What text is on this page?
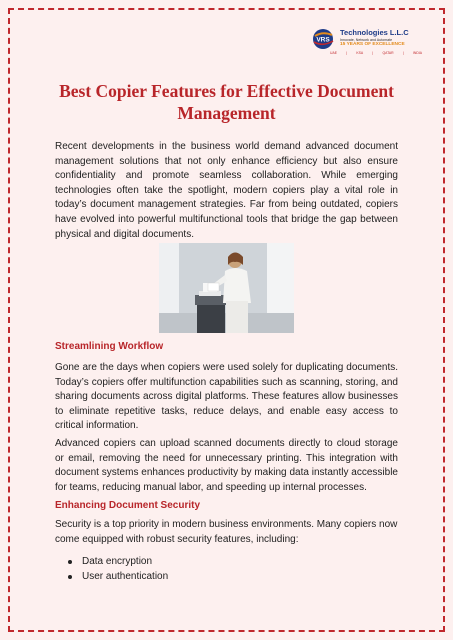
VRS
Technologies L.L.C
Innovate, Network and Automate
15 YEARS OF EXCELLENCE
UAE	|	KSA	|	QATAR	|	INDIA
Best Copier Features for Effective Document Management

Recent developments in the business world demand advanced document management solutions that not only enhance efficiency but also ensure confidentiality and promote seamless collaboration. While emerging technologies often take the spotlight, modern copiers play a vital role in today’s document management strategies. Far from being outdated, copiers have evolved into powerful multifunctional tools that bridge the gap between physical and digital documents.

Streamlining Workflow

Gone are the days when copiers were used solely for duplicating documents. Today’s copiers offer multifunction capabilities such as scanning, storing, and sharing documents across digital platforms. These features allow businesses to eliminate repetitive tasks, reduce delays, and enable easy access to critical information.

Advanced copiers can upload scanned documents directly to cloud storage or email, removing the need for unnecessary printing. This integration with document systems enhances productivity by making data instantly accessible for teams, reducing manual labor, and speeding up internal processes.

Enhancing Document Security

Security is a top priority in modern business environments. Many copiers now come equipped with robust security features, including:

Data encryption
User authentication
